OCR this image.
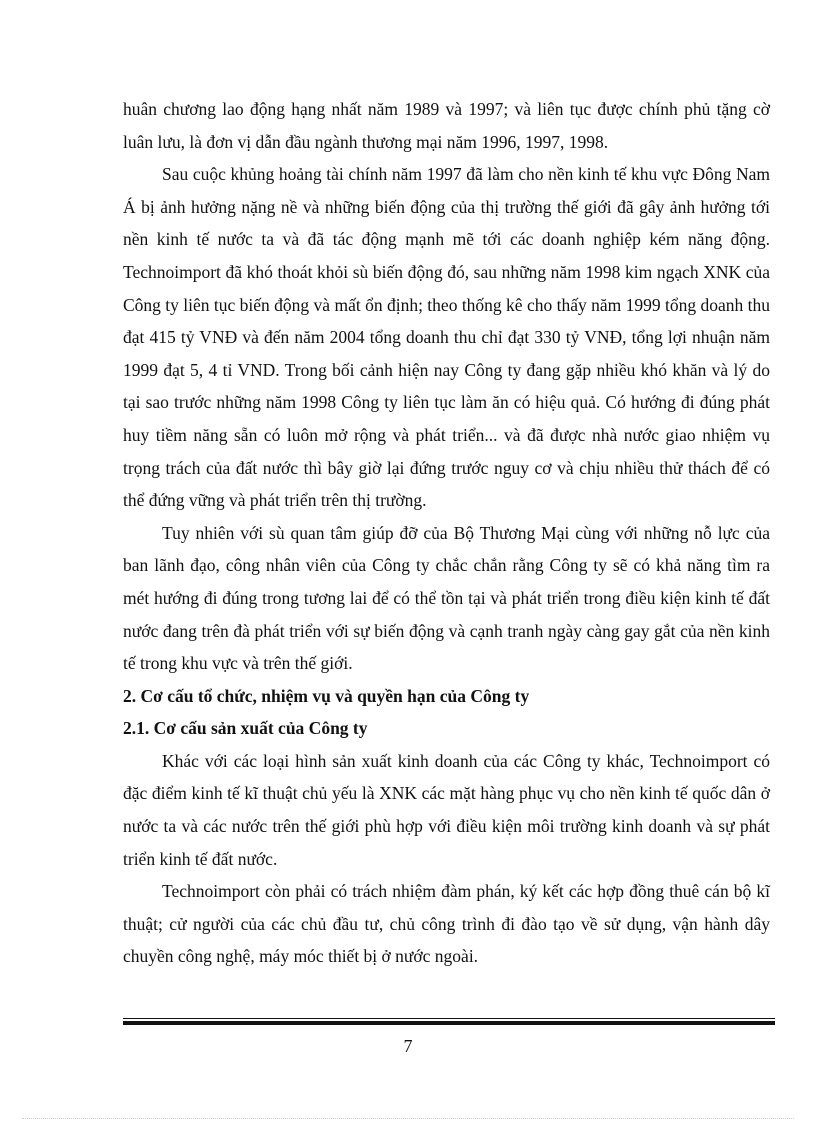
huân chương lao động hạng nhất năm 1989 và 1997; và liên tục được chính phủ tặng cờ luân lưu, là đơn vị dẫn đầu ngành thương mại năm 1996, 1997, 1998.

Sau cuộc khủng hoảng tài chính năm 1997 đã làm cho nền kinh tế khu vực Đông Nam Á bị ảnh hưởng nặng nề và những biến động của thị trường thế giới đã gây ảnh hưởng tới nền kinh tế nước ta và đã tác động mạnh mẽ tới các doanh nghiệp kém năng động. Technoimport đã khó thoát khỏi sù biến động đó, sau những năm 1998 kim ngạch XNK của Công ty liên tục biến động và mất ổn định; theo thống kê cho thấy năm 1999 tổng doanh thu đạt 415 tỷ VNĐ và đến năm 2004 tổng doanh thu chỉ đạt 330 tỷ VNĐ, tổng lợi nhuận năm 1999 đạt 5, 4 tỉ VND. Trong bối cảnh hiện nay Công ty đang gặp nhiều khó khăn và lý do tại sao trước những năm 1998 Công ty liên tục làm ăn có hiệu quả. Có hướng đi đúng phát huy tiềm năng sẵn có luôn mở rộng và phát triển... và đã được nhà nước giao nhiệm vụ trọng trách của đất nước thì bây giờ lại đứng trước nguy cơ và chịu nhiều thử thách để có thể đứng vững và phát triển trên thị trường.

Tuy nhiên với sù quan tâm giúp đỡ của Bộ Thương Mại cùng với những nỗ lực của ban lãnh đạo, công nhân viên của Công ty chắc chắn rằng Công ty sẽ có khả năng tìm ra mét hướng đi đúng trong tương lai để có thể tồn tại và phát triển trong điều kiện kinh tế đất nước đang trên đà phát triển với sự biến động và cạnh tranh ngày càng gay gắt của nền kinh tế trong khu vực và trên thế giới.

2. Cơ cấu tổ chức, nhiệm vụ và quyền hạn của Công ty
2.1. Cơ cấu sản xuất của Công ty

Khác với các loại hình sản xuất kinh doanh của các Công ty khác, Technoimport có đặc điểm kinh tế kĩ thuật chủ yếu là XNK các mặt hàng phục vụ cho nền kinh tế quốc dân ở nước ta và các nước trên thế giới phù hợp với điều kiện môi trường kinh doanh và sự phát triển kinh tế đất nước.

Technoimport còn phải có trách nhiệm đàm phán, ký kết các hợp đồng thuê cán bộ kĩ thuật; cử người của các chủ đầu tư, chủ công trình đi đào tạo về sử dụng, vận hành dây chuyền công nghệ, máy móc thiết bị ở nước ngoài.

7
